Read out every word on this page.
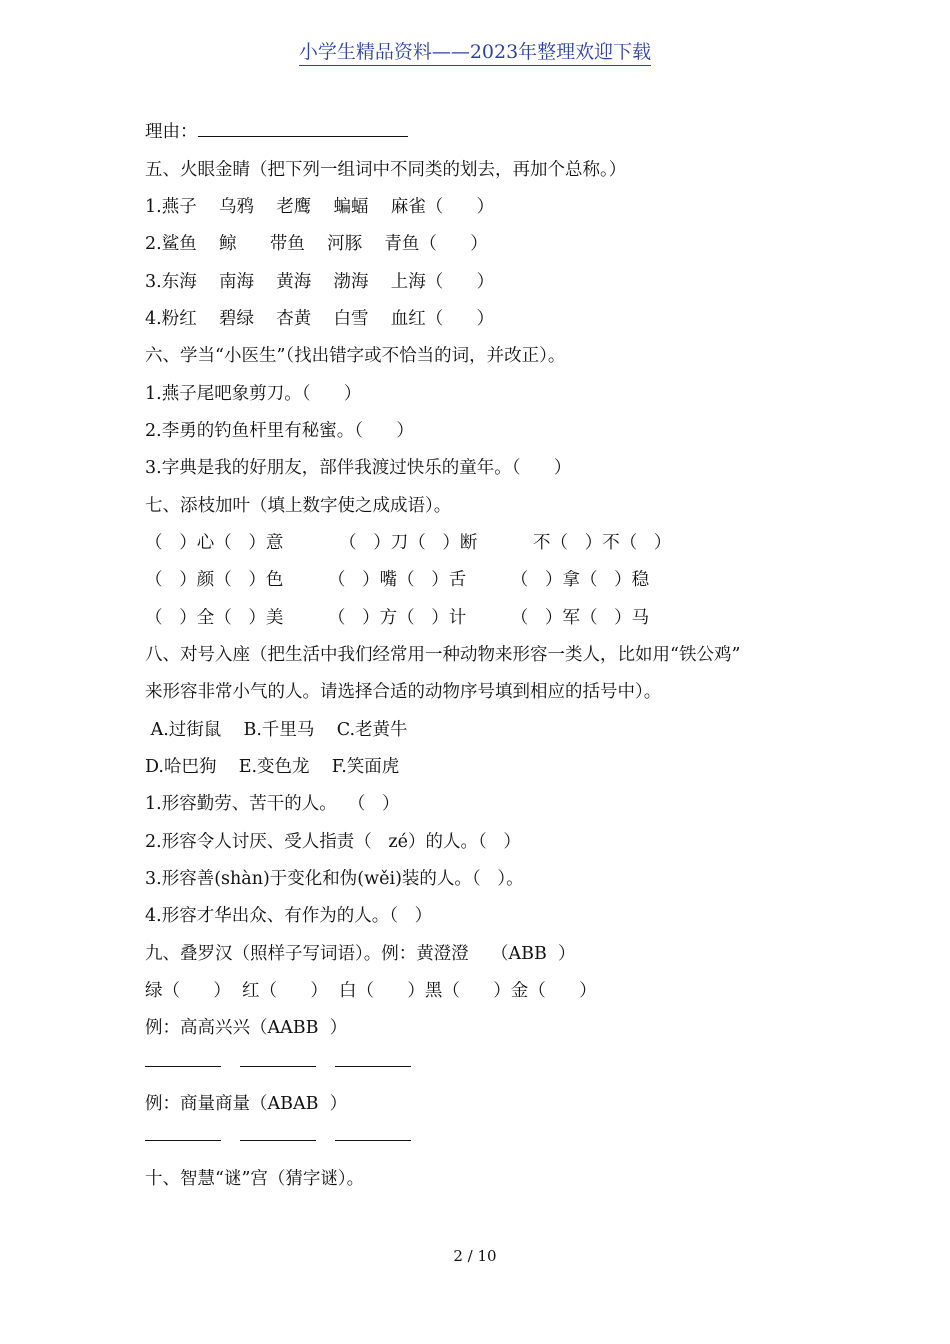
小学生精品资料——2023年整理欢迎下载
理由：
五、火眼金睛（把下列一组词中不同类的划去，再加个总称。）
1.燕子    乌鸦    老鹰    蝙蝠    麻雀（      ）
2.鲨鱼    鲸      带鱼    河豚    青鱼（      ）
3.东海    南海    黄海    渤海    上海（      ）
4.粉红    碧绿    杏黄    白雪    血红（      ）
六、学当“小医生”（找出错字或不恰当的词，并改正）。
1.燕子尾吧象剪刀。（      ）
2.李勇的钓鱼杆里有秘蜜。（      ）
3.字典是我的好朋友，部伴我渡过快乐的童年。（      ）
七、添枝加叶（填上数字使之成成语）。
（   ）心（   ）意          （   ）刀（   ）断          不（   ）不（   ）
（   ）颜（   ）色        （   ）嘴（   ）舌        （   ）拿（   ）稳
（   ）全（   ）美        （   ）方（   ）计        （   ）军（   ）马
八、对号入座（把生活中我们经常用一种动物来形容一类人，比如用“铁公鸡”
来形容非常小气的人。请选择合适的动物序号填到相应的括号中）。
A.过街鼠    B.千里马    C.老黄牛
D.哈巴狗    E.变色龙    F.笑面虎
1.形容勤劳、苦干的人。  （   ）
2.形容令人讨厌、受人指责（   zé）的人。（   ）
3.形容善(shàn)于变化和伪(wěi)装的人。（   ）。
4.形容才华出众、有作为的人。（   ）
九、叠罗汉（照样子写词语）。例：黄澄澄    （ABB  ）
绿（      ）  红（      ）  白（      ）黑（      ）金（      ）
例：高高兴兴（AABB  ）
例：商量商量（ABAB  ）
十、智慧“谜”宫（猜字谜）。
2 / 10
